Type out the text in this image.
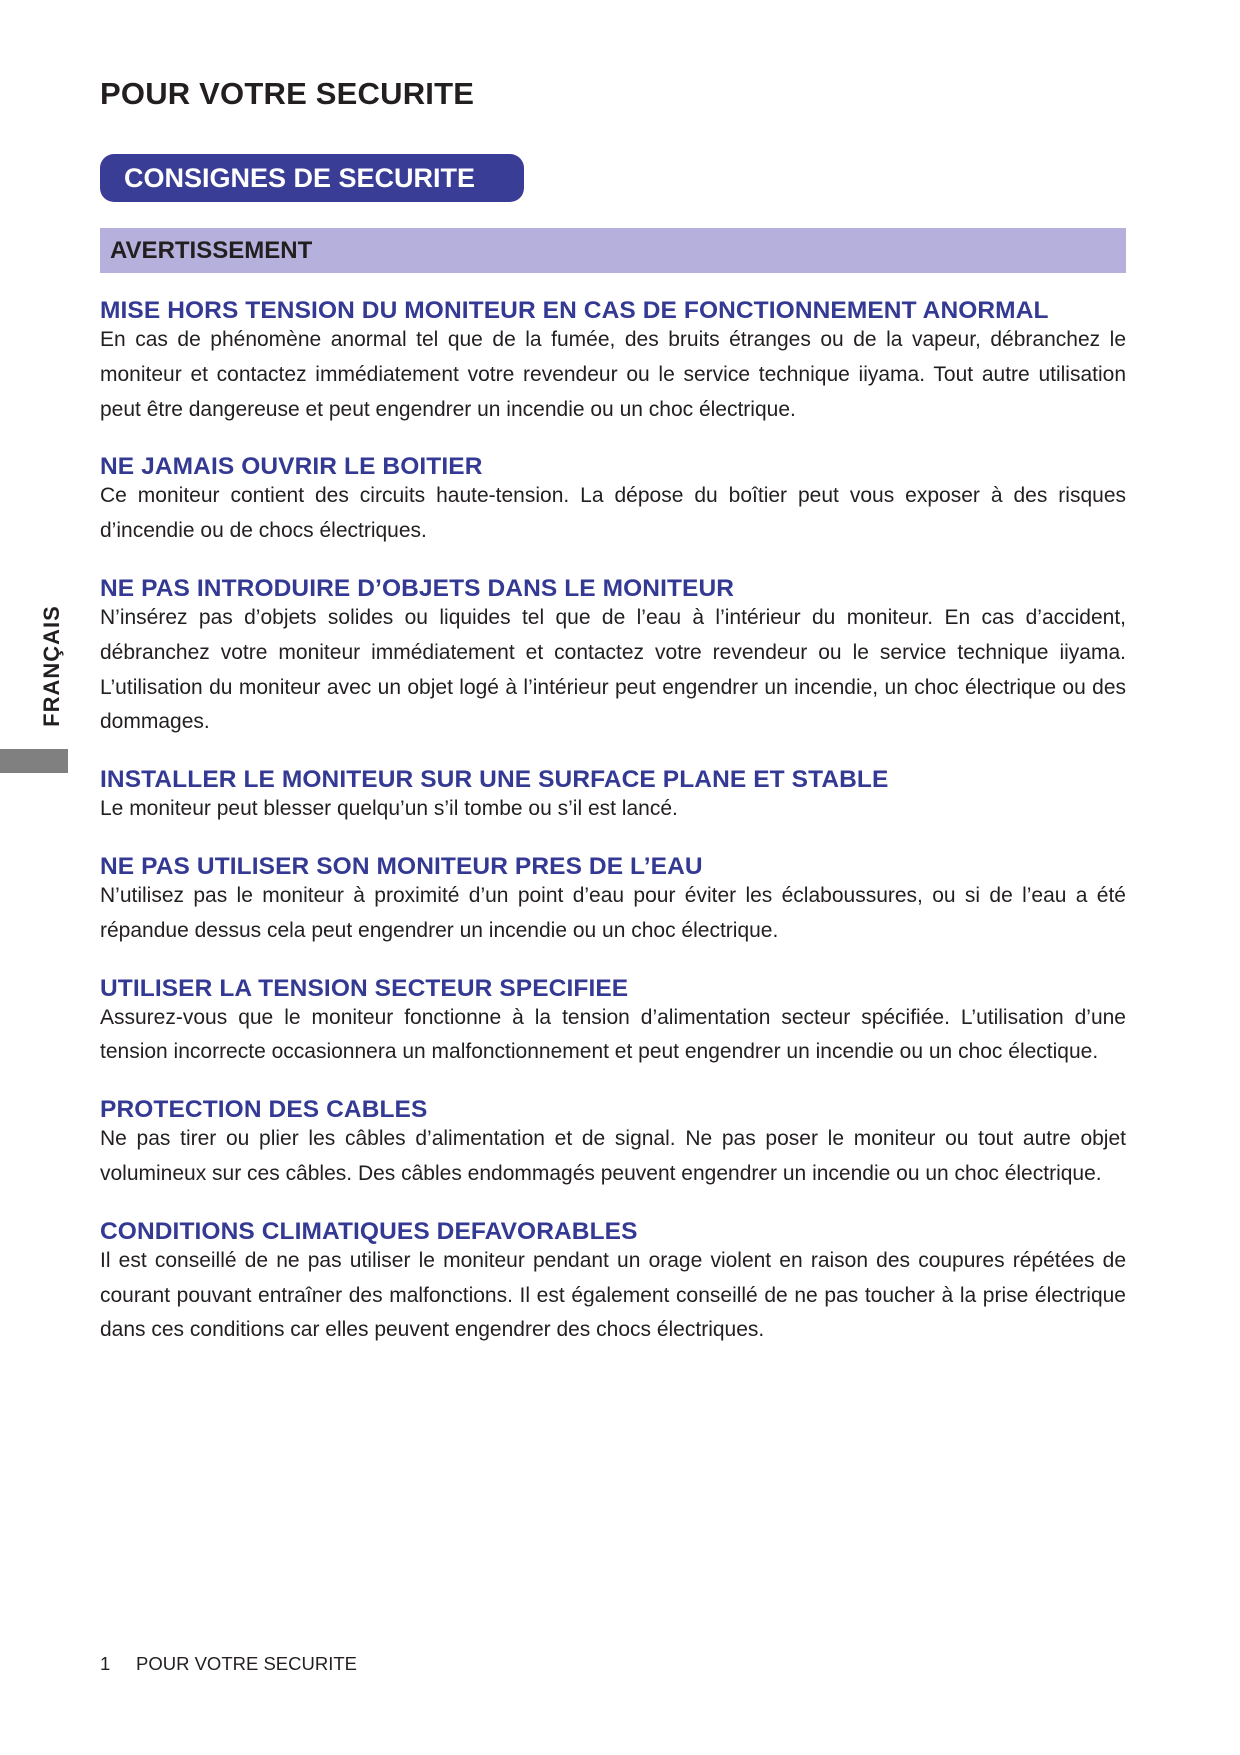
POUR VOTRE SECURITE
CONSIGNES DE SECURITE
AVERTISSEMENT
FRANÇAIS
MISE HORS TENSION DU MONITEUR EN CAS DE FONCTIONNEMENT ANORMAL

En cas de phénomène anormal tel que de la fumée, des bruits étranges ou de la vapeur, débranchez le moniteur et contactez immédiatement votre revendeur ou le service technique iiyama. Tout autre utilisation peut être dangereuse et peut engendrer un incendie ou un choc électrique.

NE JAMAIS OUVRIR LE BOITIER

Ce moniteur contient des circuits haute-tension. La dépose du boîtier peut vous exposer à des risques d’incendie ou de chocs électriques.

NE PAS INTRODUIRE D’OBJETS DANS LE MONITEUR

N’insérez pas d’objets solides ou liquides tel que de l’eau à l’intérieur du moniteur. En cas d’accident, débranchez votre moniteur immédiatement et contactez votre revendeur ou le service technique iiyama. L’utilisation du moniteur avec un objet logé à l’intérieur peut engendrer un incendie, un choc électrique ou des dommages.

INSTALLER LE MONITEUR SUR UNE SURFACE PLANE ET STABLE

Le moniteur peut blesser quelqu’un s’il tombe ou s’il est lancé.

NE PAS UTILISER SON MONITEUR PRES DE L’EAU

N’utilisez pas le moniteur à proximité d’un point d’eau pour éviter les éclaboussures, ou si de l’eau a été répandue dessus cela peut engendrer un incendie ou un choc électrique.

UTILISER LA TENSION SECTEUR SPECIFIEE

Assurez-vous que le moniteur fonctionne à la tension d’alimentation secteur spécifiée. L’utilisation d’une tension incorrecte occasionnera un malfonctionnement et peut engendrer un incendie ou un choc électique.

PROTECTION DES CABLES

Ne pas tirer ou plier les câbles d’alimentation et de signal. Ne pas poser le moniteur ou tout autre objet volumineux sur ces câbles. Des câbles endommagés peuvent engendrer un incendie ou un choc électrique.

CONDITIONS CLIMATIQUES DEFAVORABLES

Il est conseillé de ne pas utiliser le moniteur pendant un orage violent en raison des coupures répétées de courant pouvant entraîner des malfonctions. Il est également conseillé de ne pas toucher à la prise électrique dans ces conditions car elles peuvent engendrer des chocs électriques.

1 POUR VOTRE SECURITE
